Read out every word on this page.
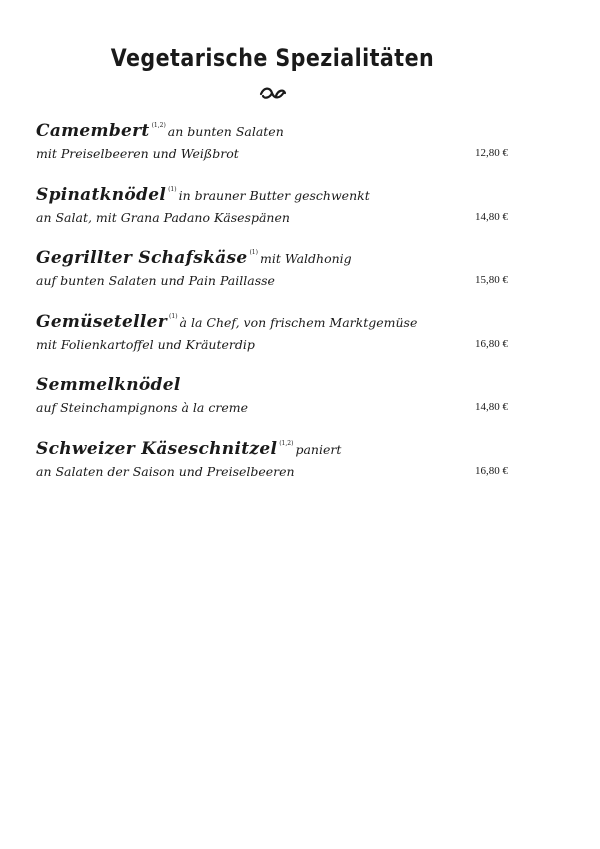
Vegetarische Spezialitäten
Camembert $^{(1,2)}$ an bunten Salaten
mit Preiselbeeren und Weißbrot	12,80 €
Spinatknödel $^{(1)}$ in brauner Butter geschwenkt
an Salat, mit Grana Padano Käsespänen	14,80 €
Gegrillter Schafskäse $^{(1)}$ mit Waldhonig
auf bunten Salaten und Pain Paillasse	15,80 €
Gemüseteller $^{(1)}$ à la Chef, von frischem Marktgemüse
mit Folienkartoffel und Kräuterdip	16,80 €
Semmelknödel
auf Steinchampignons à la creme	14,80 €
Schweizer Käseschnitzel $^{(1,2)}$ paniert
an Salaten der Saison und Preiselbeeren	16,80 €
